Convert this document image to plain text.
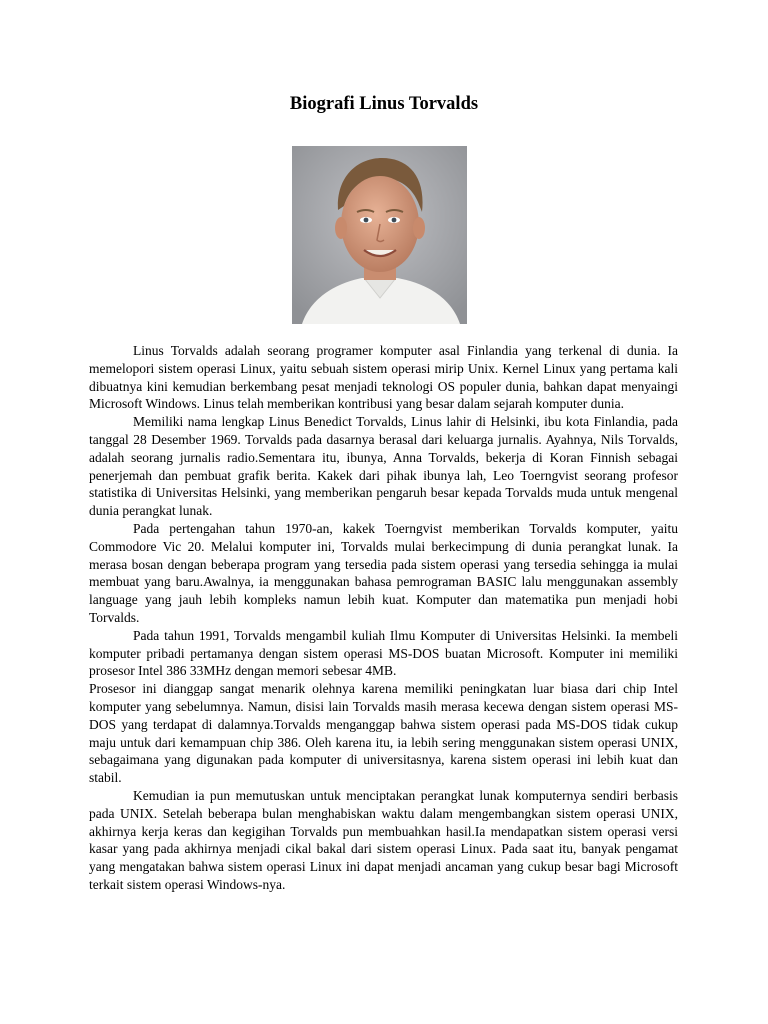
Biografi Linus Torvalds

Linus Torvalds adalah seorang programer komputer asal Finlandia yang terkenal di dunia. Ia memelopori sistem operasi Linux, yaitu sebuah sistem operasi mirip Unix. Kernel Linux yang pertama kali dibuatnya kini kemudian berkembang pesat menjadi teknologi OS populer dunia, bahkan dapat menyaingi Microsoft Windows. Linus telah memberikan kontribusi yang besar dalam sejarah komputer dunia.

Memiliki nama lengkap Linus Benedict Torvalds, Linus lahir di Helsinki, ibu kota Finlandia, pada tanggal 28 Desember 1969. Torvalds pada dasarnya berasal dari keluarga jurnalis. Ayahnya, Nils Torvalds, adalah seorang jurnalis radio.Sementara itu, ibunya, Anna Torvalds, bekerja di Koran Finnish sebagai penerjemah dan pembuat grafik berita. Kakek dari pihak ibunya lah, Leo Toerngvist seorang profesor statistika di Universitas Helsinki, yang memberikan pengaruh besar kepada Torvalds muda untuk mengenal dunia perangkat lunak.

Pada pertengahan tahun 1970-an, kakek Toerngvist memberikan Torvalds komputer, yaitu Commodore Vic 20. Melalui komputer ini, Torvalds mulai berkecimpung di dunia perangkat lunak. Ia merasa bosan dengan beberapa program yang tersedia pada sistem operasi yang tersedia sehingga ia mulai membuat yang baru.Awalnya, ia menggunakan bahasa pemrograman BASIC lalu menggunakan assembly language yang jauh lebih kompleks namun lebih kuat. Komputer dan matematika pun menjadi hobi Torvalds.

Pada tahun 1991, Torvalds mengambil kuliah Ilmu Komputer di Universitas Helsinki. Ia membeli komputer pribadi pertamanya dengan sistem operasi MS-DOS buatan Microsoft. Komputer ini memiliki prosesor Intel 386 33MHz dengan memori sebesar 4MB.

Prosesor ini dianggap sangat menarik olehnya karena memiliki peningkatan luar biasa dari chip Intel komputer yang sebelumnya. Namun, disisi lain Torvalds masih merasa kecewa dengan sistem operasi MS-DOS yang terdapat di dalamnya.Torvalds menganggap bahwa sistem operasi pada MS-DOS tidak cukup maju untuk dari kemampuan chip 386. Oleh karena itu, ia lebih sering menggunakan sistem operasi UNIX, sebagaimana yang digunakan pada komputer di universitasnya, karena sistem operasi ini lebih kuat dan stabil.

Kemudian ia pun memutuskan untuk menciptakan perangkat lunak komputernya sendiri berbasis pada UNIX. Setelah beberapa bulan menghabiskan waktu dalam mengembangkan sistem operasi UNIX, akhirnya kerja keras dan kegigihan Torvalds pun membuahkan hasil.Ia mendapatkan sistem operasi versi kasar yang pada akhirnya menjadi cikal bakal dari sistem operasi Linux. Pada saat itu, banyak pengamat yang mengatakan bahwa sistem operasi Linux ini dapat menjadi ancaman yang cukup besar bagi Microsoft terkait sistem operasi Windows-nya.
